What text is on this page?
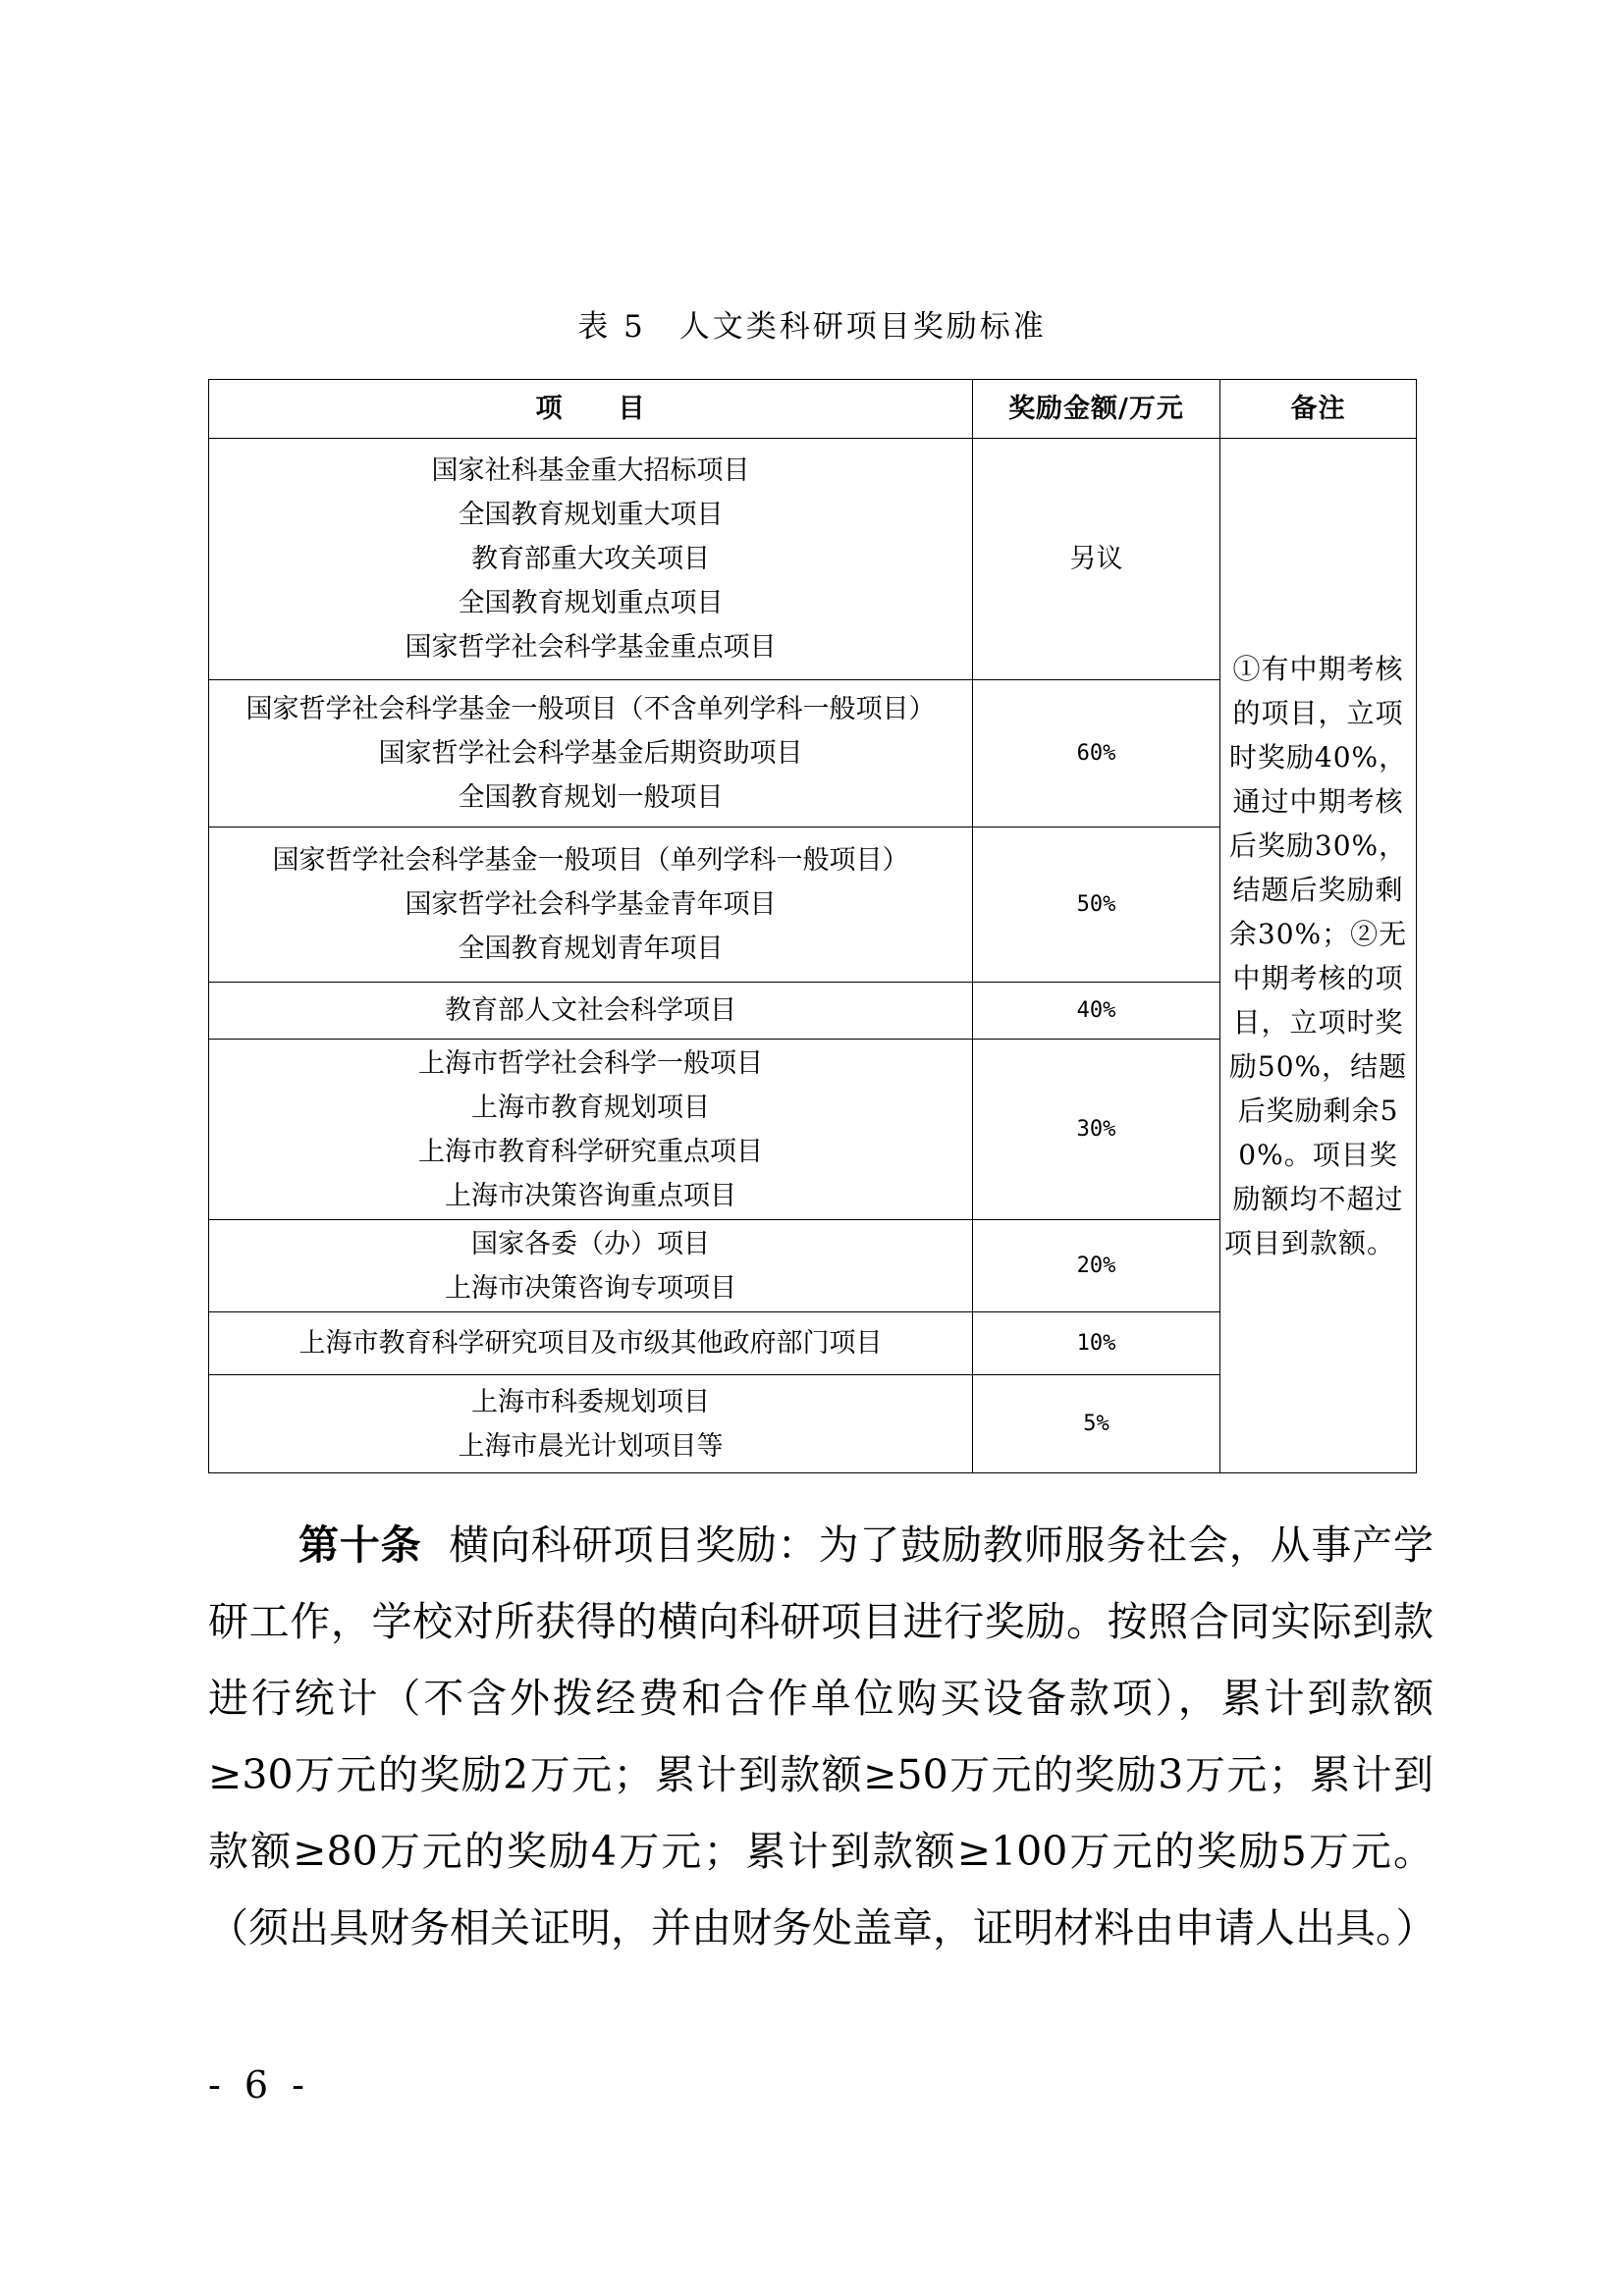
表 5　人文类科研项目奖励标准
项　　目	奖励金额/万元	备注

国家社科基金重大招标项目
全国教育规划重大项目
教育部重大攻关项目
全国教育规划重点项目
国家哲学社会科学基金重点项目	另议	①有中期考核的项目，立项时奖励40%，通过中期考核后奖励30%，结题后奖励剩余30%；②无中期考核的项目，立项时奖励50%，结题后奖励剩余50%。项目奖励额均不超过项目到款额。

国家哲学社会科学基金一般项目（不含单列学科一般项目）
国家哲学社会科学基金后期资助项目
全国教育规划一般项目	60%	

国家哲学社会科学基金一般项目（单列学科一般项目）
国家哲学社会科学基金青年项目
全国教育规划青年项目	50%	

教育部人文社会科学项目	40%	

上海市哲学社会科学一般项目
上海市教育规划项目
上海市教育科学研究重点项目
上海市决策咨询重点项目	30%	

国家各委（办）项目
上海市决策咨询专项项目	20%	

上海市教育科学研究项目及市级其他政府部门项目	10%	

上海市科委规划项目
上海市晨光计划项目等	5%	
第十条 横向科研项目奖励：为了鼓励教师服务社会，从事产学研工作，学校对所获得的横向科研项目进行奖励。按照合同实际到款进行统计（不含外拨经费和合作单位购买设备款项），累计到款额≥30万元的奖励2万元；累计到款额≥50万元的奖励3万元；累计到款额≥80万元的奖励4万元；累计到款额≥100万元的奖励5万元。（须出具财务相关证明，并由财务处盖章，证明材料由申请人出具。）
- 6 -
